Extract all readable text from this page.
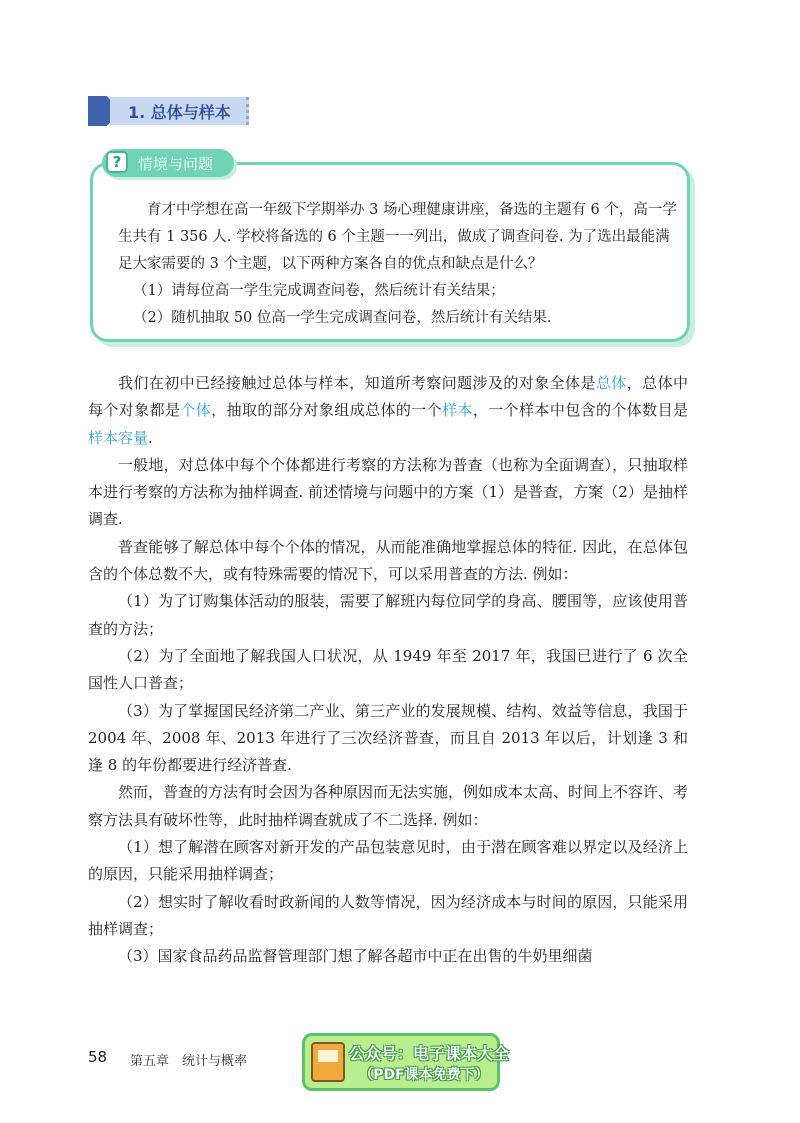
1. 总体与样本
?	情境与问题

育才中学想在高一年级下学期举办 3 场心理健康讲座，备选的主题有 6 个，高一学生共有 1 356 人. 学校将备选的 6 个主题一一列出，做成了调查问卷. 为了选出最能满足大家需要的 3 个主题，以下两种方案各自的优点和缺点是什么？

（1）请每位高一学生完成调查问卷，然后统计有关结果；

（2）随机抽取 50 位高一学生完成调查问卷，然后统计有关结果.

我们在初中已经接触过总体与样本，知道所考察问题涉及的对象全体是总体，总体中每个对象都是个体，抽取的部分对象组成总体的一个样本，一个样本中包含的个体数目是样本容量.

一般地，对总体中每个个体都进行考察的方法称为普查（也称为全面调查），只抽取样本进行考察的方法称为抽样调查. 前述情境与问题中的方案（1）是普查，方案（2）是抽样调查.

普查能够了解总体中每个个体的情况，从而能准确地掌握总体的特征. 因此，在总体包含的个体总数不大，或有特殊需要的情况下，可以采用普查的方法. 例如：

（1）为了订购集体活动的服装，需要了解班内每位同学的身高、腰围等，应该使用普查的方法；

（2）为了全面地了解我国人口状况，从 1949 年至 2017 年，我国已进行了 6 次全国性人口普查；

（3）为了掌握国民经济第二产业、第三产业的发展规模、结构、效益等信息，我国于 2004 年、2008 年、2013 年进行了三次经济普查，而且自 2013 年以后，计划逢 3 和逢 8 的年份都要进行经济普查.

然而，普查的方法有时会因为各种原因而无法实施，例如成本太高、时间上不容许、考察方法具有破坏性等，此时抽样调查就成了不二选择. 例如：

（1）想了解潜在顾客对新开发的产品包装意见时，由于潜在顾客难以界定以及经济上的原因，只能采用抽样调查；

（2）想实时了解收看时政新闻的人数等情况，因为经济成本与时间的原因，只能采用抽样调查；

（3）国家食品药品监督管理部门想了解各超市中正在出售的牛奶里细菌

58 第五章　统计与概率	公众号：电子课本大全
（PDF课本免费下）
